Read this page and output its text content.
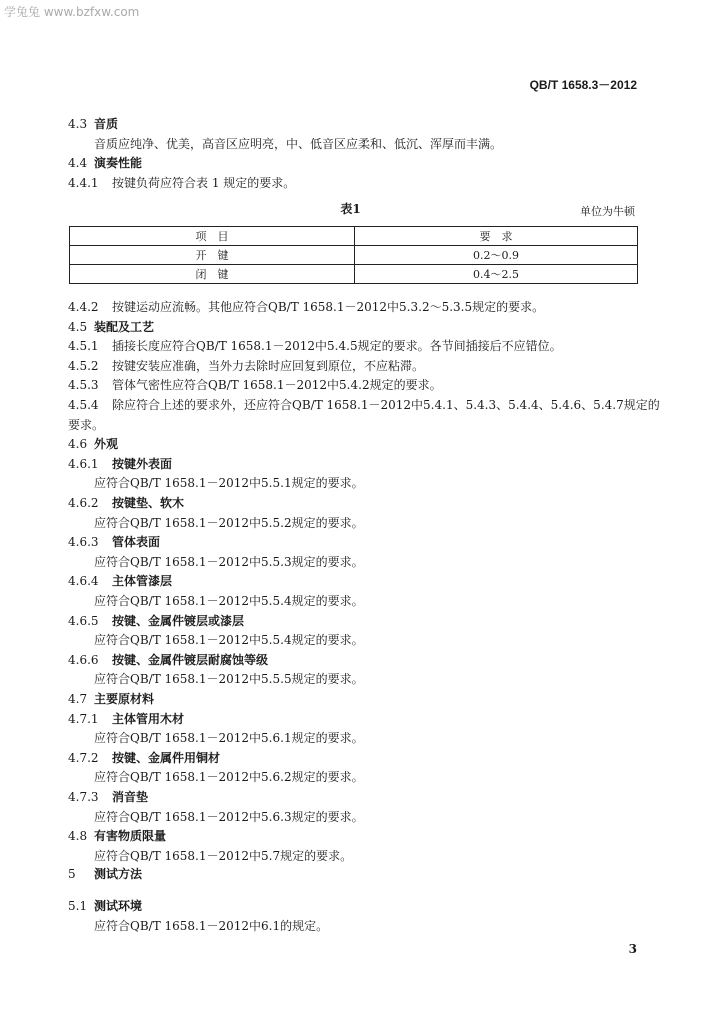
学兔兔 www.bzfxw.com
QB/T 1658.3－2012
4.3 音质
音质应纯净、优美，高音区应明亮，中、低音区应柔和、低沉、浑厚而丰满。
4.4 演奏性能
4.4.1 按键负荷应符合表 1 规定的要求。
表1	单位为牛顿
项　目	要　求
开　键	0.2～0.9
闭　键	0.4～2.5
4.4.2 按键运动应流畅。其他应符合QB/T 1658.1－2012中5.3.2～5.3.5规定的要求。
4.5 装配及工艺
4.5.1 插接长度应符合QB/T 1658.1－2012中5.4.5规定的要求。各节间插接后不应错位。
4.5.2 按键安装应准确，当外力去除时应回复到原位，不应粘滞。
4.5.3 管体气密性应符合QB/T 1658.1－2012中5.4.2规定的要求。
4.5.4 除应符合上述的要求外，还应符合QB/T 1658.1－2012中5.4.1、5.4.3、5.4.4、5.4.6、5.4.7规定的
要求。
4.6 外观
4.6.1 按键外表面
应符合QB/T 1658.1－2012中5.5.1规定的要求。
4.6.2 按键垫、软木
应符合QB/T 1658.1－2012中5.5.2规定的要求。
4.6.3 管体表面
应符合QB/T 1658.1－2012中5.5.3规定的要求。
4.6.4 主体管漆层
应符合QB/T 1658.1－2012中5.5.4规定的要求。
4.6.5 按键、金属件镀层或漆层
应符合QB/T 1658.1－2012中5.5.4规定的要求。
4.6.6 按键、金属件镀层耐腐蚀等级
应符合QB/T 1658.1－2012中5.5.5规定的要求。
4.7 主要原材料
4.7.1 主体管用木材
应符合QB/T 1658.1－2012中5.6.1规定的要求。
4.7.2 按键、金属件用铜材
应符合QB/T 1658.1－2012中5.6.2规定的要求。
4.7.3 消音垫
应符合QB/T 1658.1－2012中5.6.3规定的要求。
4.8 有害物质限量
应符合QB/T 1658.1－2012中5.7规定的要求。
5 测试方法
5.1 测试环境
应符合QB/T 1658.1－2012中6.1的规定。
3
